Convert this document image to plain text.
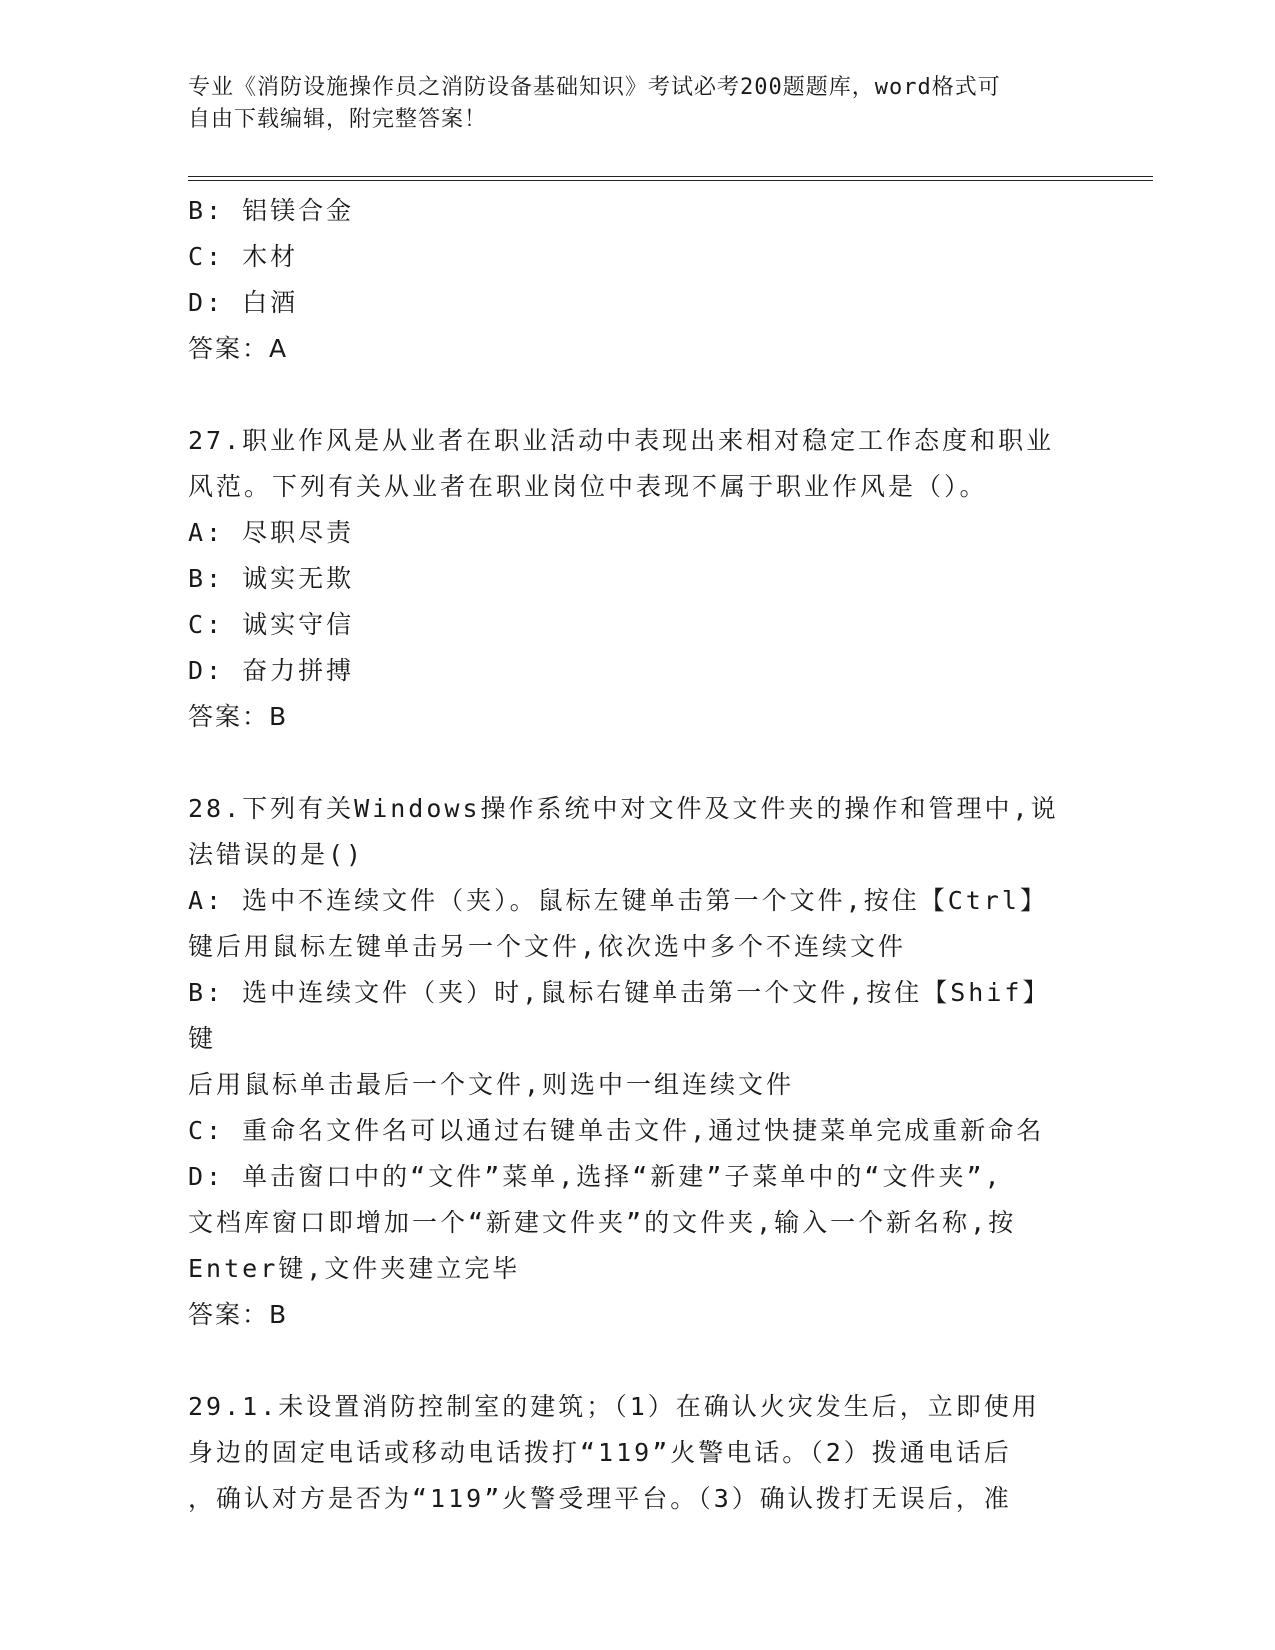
专业《消防设施操作员之消防设备基础知识》考试必考200题题库，word格式可
自由下载编辑，附完整答案！

B: 铝镁合金

C: 木材

D: 白酒

答案：A

27.职业作风是从业者在职业活动中表现出来相对稳定工作态度和职业

风范。下列有关从业者在职业岗位中表现不属于职业作风是（）。

A: 尽职尽责

B: 诚实无欺

C: 诚实守信

D: 奋力拼搏

答案：B

28.下列有关Windows操作系统中对文件及文件夹的操作和管理中,说

法错误的是()

A: 选中不连续文件（夹）。鼠标左键单击第一个文件,按住【Ctrl】

键后用鼠标左键单击另一个文件,依次选中多个不连续文件

B: 选中连续文件（夹）时,鼠标右键单击第一个文件,按住【Shif】键

后用鼠标单击最后一个文件,则选中一组连续文件

C: 重命名文件名可以通过右键单击文件,通过快捷菜单完成重新命名

D: 单击窗口中的“文件”菜单,选择“新建”子菜单中的“文件夹”,

文档库窗口即增加一个“新建文件夹”的文件夹,输入一个新名称,按

Enter键,文件夹建立完毕

答案：B

29.1.未设置消防控制室的建筑；（1）在确认火灾发生后，立即使用

身边的固定电话或移动电话拨打“119”火警电话。（2）拨通电话后

，确认对方是否为“119”火警受理平台。（3）确认拨打无误后，准
